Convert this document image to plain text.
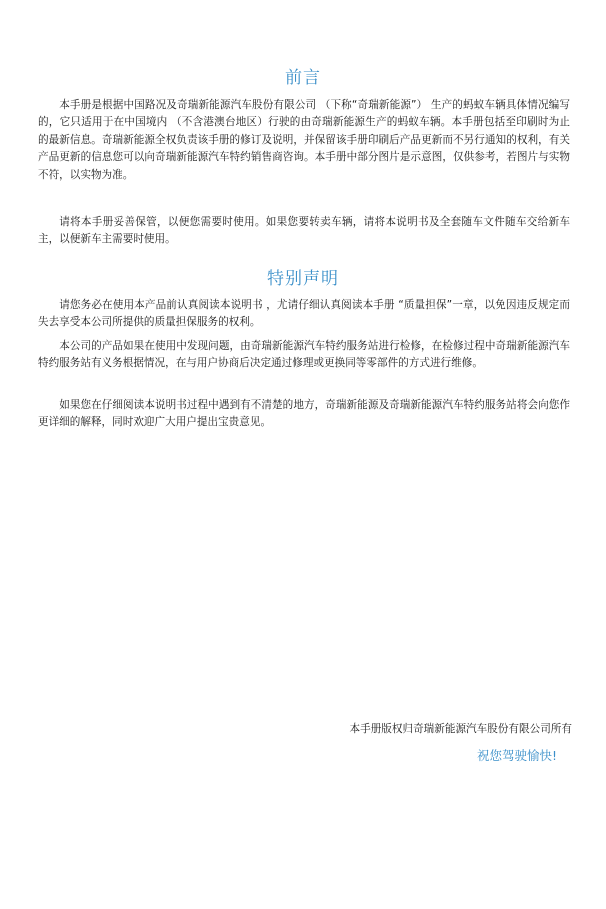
前言

本手册是根据中国路况及奇瑞新能源汽车股份有限公司 （下称“奇瑞新能源”） 生产的蚂蚁车辆具体情况编写的，它只适用于在中国境内 （不含港澳台地区）行驶的由奇瑞新能源生产的蚂蚁车辆。本手册包括至印刷时为止的最新信息。奇瑞新能源全权负责该手册的修订及说明，并保留该手册印刷后产品更新而不另行通知的权利，有关产品更新的信息您可以向奇瑞新能源汽车特约销售商咨询。本手册中部分图片是示意图，仅供参考，若图片与实物不符，以实物为准。

请将本手册妥善保管，以便您需要时使用。如果您要转卖车辆，请将本说明书及全套随车文件随车交给新车主，以便新车主需要时使用。

特别声明

请您务必在使用本产品前认真阅读本说明书 ，尤请仔细认真阅读本手册 “质量担保”一章，以免因违反规定而失去享受本公司所提供的质量担保服务的权利。

本公司的产品如果在使用中发现问题，由奇瑞新能源汽车特约服务站进行检修，在检修过程中奇瑞新能源汽车特约服务站有义务根据情况，在与用户协商后决定通过修理或更换同等零部件的方式进行维修。

如果您在仔细阅读本说明书过程中遇到有不清楚的地方，奇瑞新能源及奇瑞新能源汽车特约服务站将会向您作更详细的解释，同时欢迎广大用户提出宝贵意见。

本手册版权归奇瑞新能源汽车股份有限公司所有
祝您驾驶愉快!
